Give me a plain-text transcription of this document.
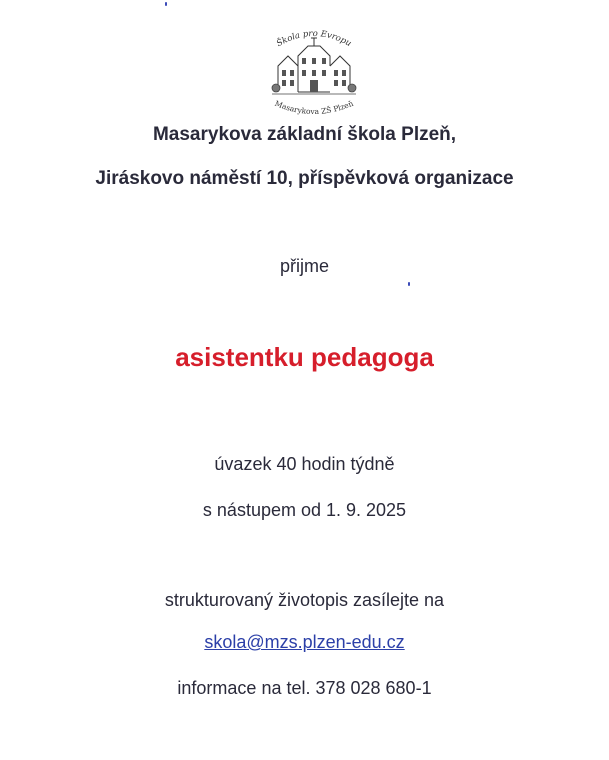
Škola pro Evropu
Masarykova ZŠ Plzeň
Masarykova základní škola Plzeň,
Jiráskovo náměstí 10, příspěvková organizace
přijme
asistentku pedagoga
úvazek 40 hodin týdně
s nástupem od 1. 9. 2025
strukturovaný životopis zasílejte na
skola@mzs.plzen-edu.cz
informace na tel. 378 028 680-1
